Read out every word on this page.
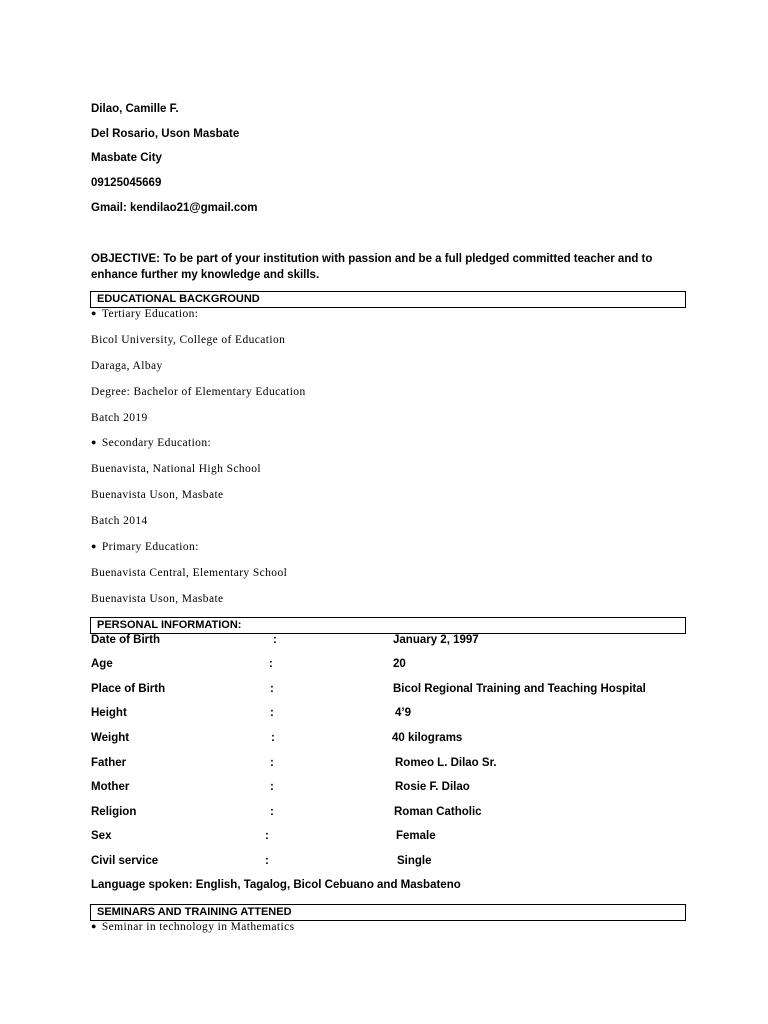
Dilao, Camille F.
Del Rosario, Uson Masbate
Masbate City
09125045669
Gmail: kendilao21@gmail.com
OBJECTIVE: To be part of your institution with passion and be a full pledged committed teacher and to enhance further my knowledge and skills.
EDUCATIONAL BACKGROUND
● Tertiary Education:
Bicol University, College of Education
Daraga, Albay
Degree: Bachelor of Elementary Education
Batch 2019
● Secondary Education:
Buenavista, National High School
Buenavista Uson, Masbate
Batch 2014
● Primary Education:
Buenavista Central, Elementary School
Buenavista Uson, Masbate
PERSONAL INFORMATION:
Date of Birth	:	January 2, 1997
Age	:	20
Place of Birth	:	Bicol Regional Training and Teaching Hospital
Height	:	4’9
Weight	:	40 kilograms
Father	:	Romeo L. Dilao Sr.
Mother	:	Rosie F. Dilao
Religion	:	Roman Catholic
Sex	:	Female
Civil service	:	Single
Language spoken: English, Tagalog, Bicol Cebuano and Masbateno
SEMINARS AND TRAINING ATTENED
● Seminar in technology in Mathematics
